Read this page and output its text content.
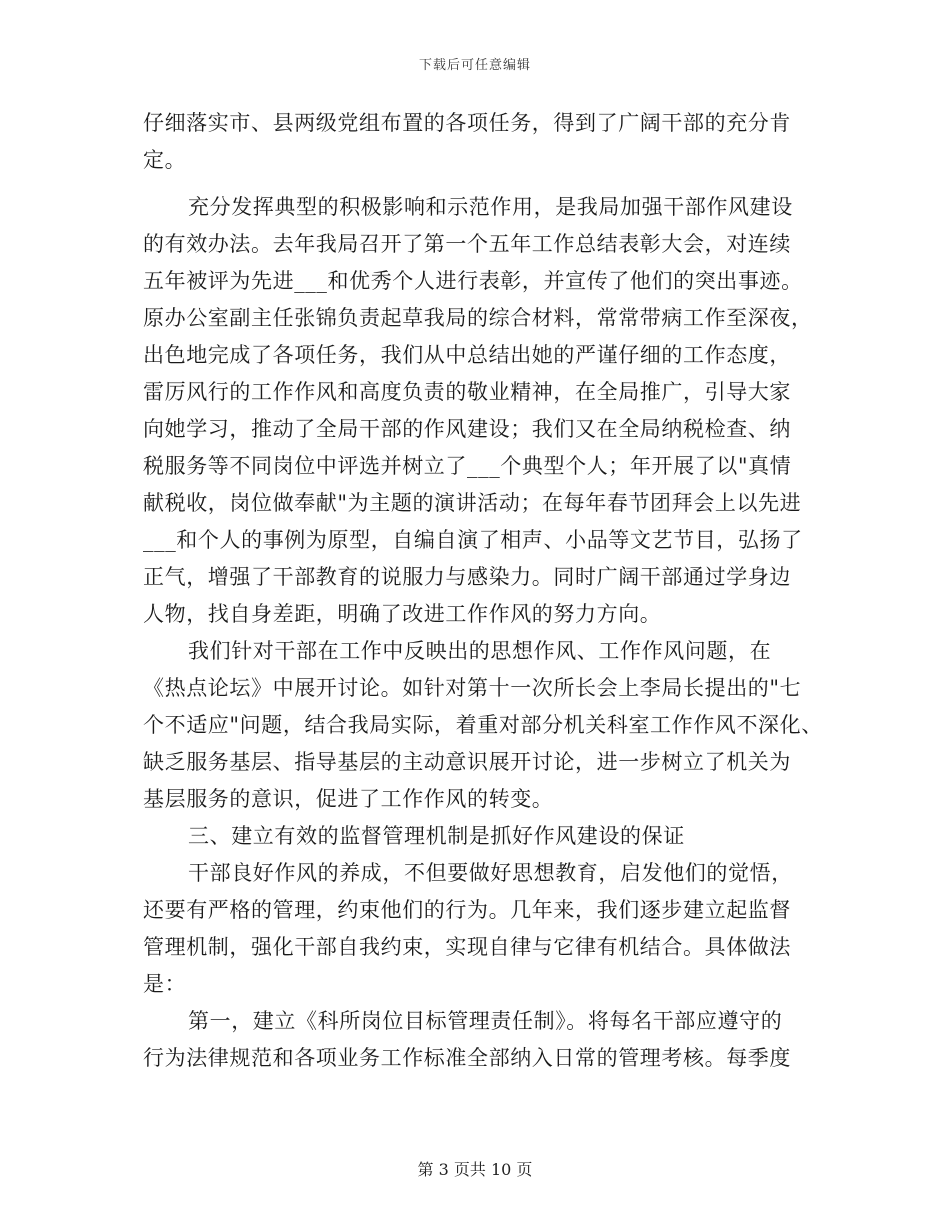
下载后可任意编辑
仔细落实市、县两级党组布置的各项任务，得到了广阔干部的充分肯
定。
充分发挥典型的积极影响和示范作用，是我局加强干部作风建设
的有效办法。去年我局召开了第一个五年工作总结表彰大会，对连续
五年被评为先进___和优秀个人进行表彰，并宣传了他们的突出事迹。
原办公室副主任张锦负责起草我局的综合材料，常常带病工作至深夜，
出色地完成了各项任务，我们从中总结出她的严谨仔细的工作态度，
雷厉风行的工作作风和高度负责的敬业精神，在全局推广，引导大家
向她学习，推动了全局干部的作风建设；我们又在全局纳税检查、纳
税服务等不同岗位中评选并树立了___个典型个人；年开展了以"真情
献税收，岗位做奉献"为主题的演讲活动；在每年春节团拜会上以先进
___和个人的事例为原型，自编自演了相声、小品等文艺节目，弘扬了
正气，增强了干部教育的说服力与感染力。同时广阔干部通过学身边
人物，找自身差距，明确了改进工作作风的努力方向。
我们针对干部在工作中反映出的思想作风、工作作风问题，在
《热点论坛》中展开讨论。如针对第十一次所长会上李局长提出的"七
个不适应"问题，结合我局实际，着重对部分机关科室工作作风不深化、
缺乏服务基层、指导基层的主动意识展开讨论，进一步树立了机关为
基层服务的意识，促进了工作作风的转变。
三、建立有效的监督管理机制是抓好作风建设的保证
干部良好作风的养成，不但要做好思想教育，启发他们的觉悟，
还要有严格的管理，约束他们的行为。几年来，我们逐步建立起监督
管理机制，强化干部自我约束，实现自律与它律有机结合。具体做法
是：
第一，建立《科所岗位目标管理责任制》。将每名干部应遵守的
行为法律规范和各项业务工作标准全部纳入日常的管理考核。每季度
第 3 页共 10 页
